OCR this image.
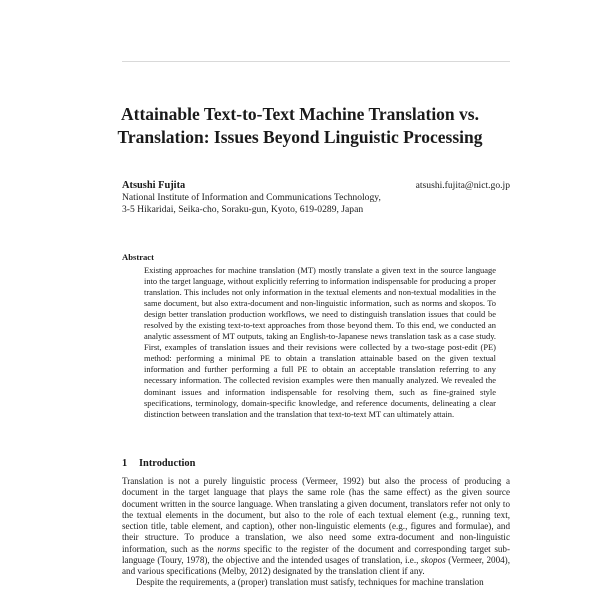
Attainable Text-to-Text Machine Translation vs.
Translation: Issues Beyond Linguistic Processing
Atsushi Fujita	atsushi.fujita@nict.go.jp
National Institute of Information and Communications Technology,
3-5 Hikaridai, Seika-cho, Soraku-gun, Kyoto, 619-0289, Japan

Abstract

Existing approaches for machine translation (MT) mostly translate a given text in the source language into the target language, without explicitly referring to information indispensable for producing a proper translation. This includes not only information in the textual elements and non-textual modalities in the same document, but also extra-document and non-linguistic information, such as norms and skopos. To design better translation production workflows, we need to distinguish translation issues that could be resolved by the existing text-to-text approaches from those beyond them. To this end, we conducted an analytic assessment of MT outputs, taking an English-to-Japanese news translation task as a case study. First, examples of translation issues and their revisions were collected by a two-stage post-edit (PE) method: performing a minimal PE to obtain a translation attainable based on the given textual information and further performing a full PE to obtain an acceptable translation referring to any necessary information. The collected revision examples were then manually analyzed. We revealed the dominant issues and information indispensable for resolving them, such as fine-grained style specifications, terminology, domain-specific knowledge, and reference documents, delineating a clear distinction between translation and the translation that text-to-text MT can ultimately attain.

1 Introduction

Translation is not a purely linguistic process (Vermeer, 1992) but also the process of producing a document in the target language that plays the same role (has the same effect) as the given source document written in the source language. When translating a given document, translators refer not only to the textual elements in the document, but also to the role of each textual element (e.g., running text, section title, table element, and caption), other non-linguistic elements (e.g., figures and formulae), and their structure. To produce a translation, we also need some extra-document and non-linguistic information, such as the norms specific to the register of the document and corresponding target sub-language (Toury, 1978), the objective and the intended usages of translation, i.e., skopos (Vermeer, 2004), and various specifications (Melby, 2012) designated by the translation client if any.

Despite the requirements, a (proper) translation must satisfy, techniques for machine translation
